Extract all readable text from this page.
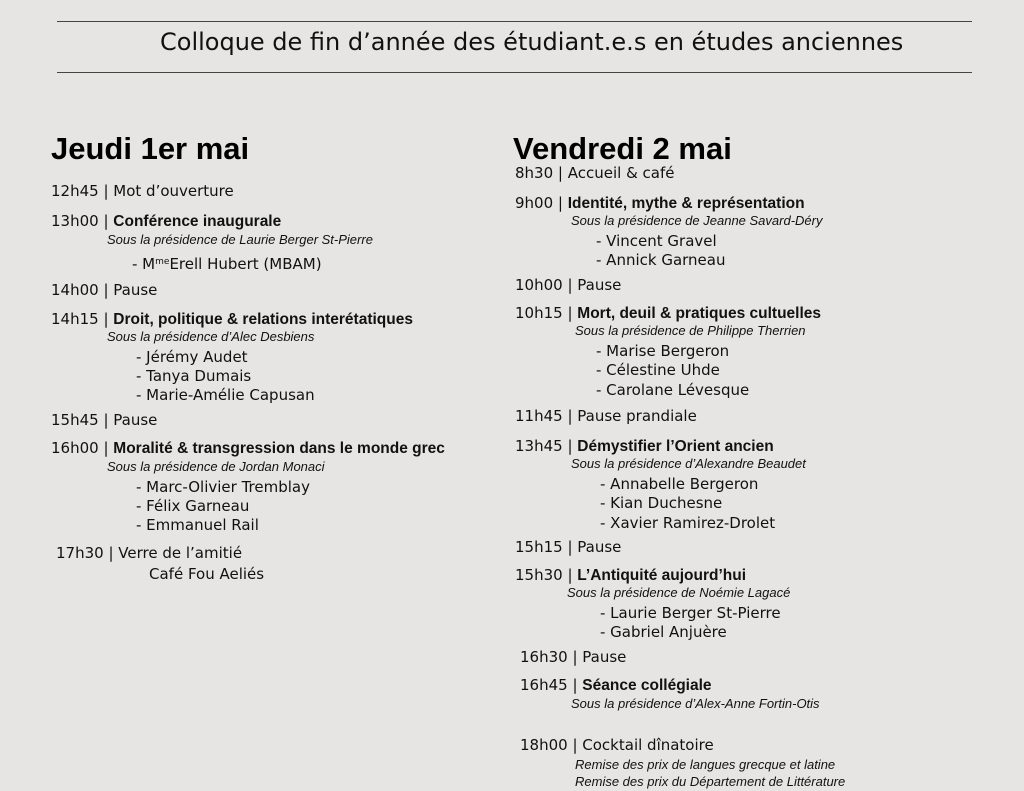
Colloque de fin d’année des étudiant.e.s en études anciennes
Jeudi 1er mai
12h45 | Mot d’ouverture
13h00 | Conférence inaugurale
Sous la présidence de Laurie Berger St-Pierre
- $M^{me}Erell$ Hubert (MBAM)
14h00 | Pause
14h15 | Droit, politique & relations interétatiques
Sous la présidence d’Alec Desbiens
- Jérémy Audet
- Tanya Dumais
- Marie-Amélie Capusan
15h45 | Pause
16h00 | Moralité & transgression dans le monde grec
Sous la présidence de Jordan Monaci
- Marc-Olivier Tremblay
- Félix Garneau
- Emmanuel Rail
17h30 | Verre de l’amitié
Café Fou Aeliés
Vendredi 2 mai
8h30 | Accueil & café
9h00 | Identité, mythe & représentation
Sous la présidence de Jeanne Savard-Déry
- Vincent Gravel
- Annick Garneau
10h00 | Pause
10h15 | Mort, deuil & pratiques cultuelles
Sous la présidence de Philippe Therrien
- Marise Bergeron
- Célestine Uhde
- Carolane Lévesque
11h45 | Pause prandiale
13h45 | Démystifier l’Orient ancien
Sous la présidence d’Alexandre Beaudet
- Annabelle Bergeron
- Kian Duchesne
- Xavier Ramirez-Drolet
15h15 | Pause
15h30 | L’Antiquité aujourd’hui
Sous la présidence de Noémie Lagacé
- Laurie Berger St-Pierre
- Gabriel Anjuère
16h30 | Pause
16h45 | Séance collégiale
Sous la présidence d’Alex-Anne Fortin-Otis
18h00 | Cocktail dînatoire
Remise des prix de langues grecque et latine
Remise des prix du Département de Littérature
